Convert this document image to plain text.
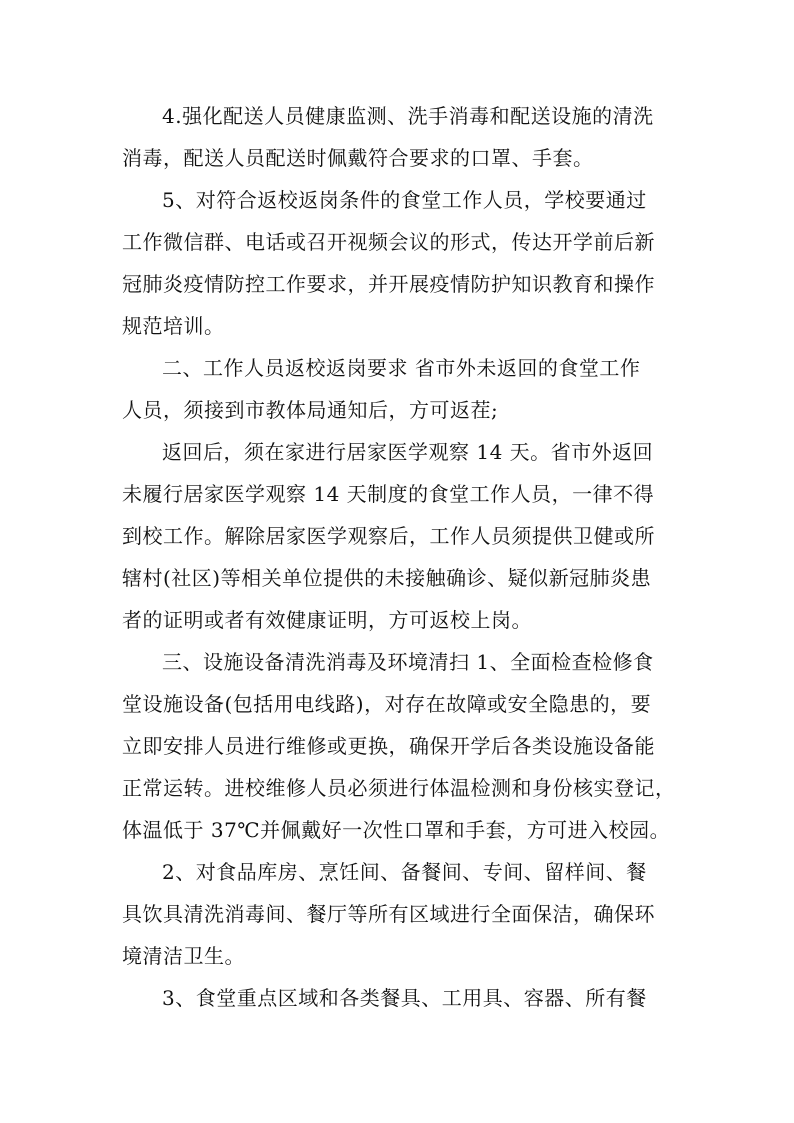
4.强化配送人员健康监测、洗手消毒和配送设施的清洗
消毒，配送人员配送时佩戴符合要求的口罩、手套。
5、对符合返校返岗条件的食堂工作人员，学校要通过
工作微信群、电话或召开视频会议的形式，传达开学前后新
冠肺炎疫情防控工作要求，并开展疫情防护知识教育和操作
规范培训。
二、工作人员返校返岗要求 省市外未返回的食堂工作
人员，须接到市教体局通知后，方可返茬;
返回后，须在家进行居家医学观察 14 天。省市外返回
未履行居家医学观察 14 天制度的食堂工作人员，一律不得
到校工作。解除居家医学观察后，工作人员须提供卫健或所
辖村(社区)等相关单位提供的未接触确诊、疑似新冠肺炎患
者的证明或者有效健康证明，方可返校上岗。
三、设施设备清洗消毒及环境清扫 1、全面检查检修食
堂设施设备(包括用电线路)，对存在故障或安全隐患的，要
立即安排人员进行维修或更换，确保开学后各类设施设备能
正常运转。进校维修人员必须进行体温检测和身份核实登记，
体温低于 37℃并佩戴好一次性口罩和手套，方可进入校园。
2、对食品库房、烹饪间、备餐间、专间、留样间、餐
具饮具清洗消毒间、餐厅等所有区域进行全面保洁，确保环
境清洁卫生。
3、食堂重点区域和各类餐具、工用具、容器、所有餐
